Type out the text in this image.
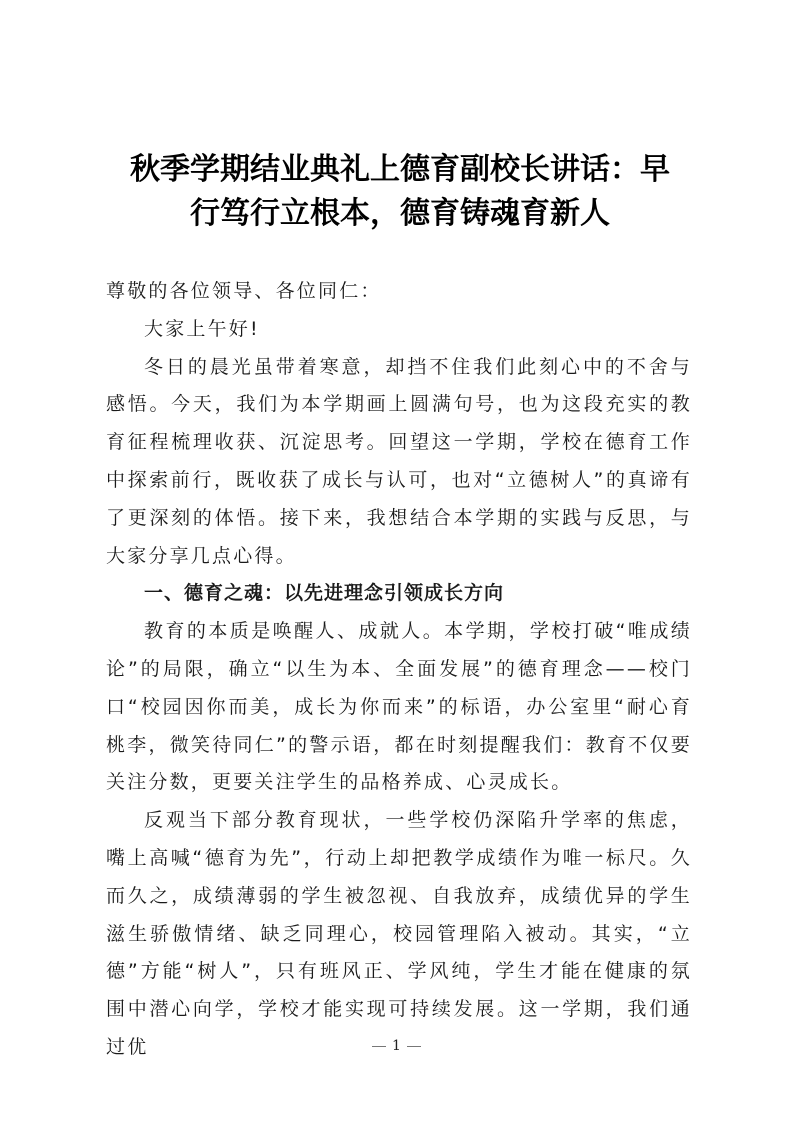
秋季学期结业典礼上德育副校长讲话：早
行笃行立根本，德育铸魂育新人

尊敬的各位领导、各位同仁：

大家上午好!

冬日的晨光虽带着寒意，却挡不住我们此刻心中的不舍与感悟。今天，我们为本学期画上圆满句号，也为这段充实的教育征程梳理收获、沉淀思考。回望这一学期，学校在德育工作中探索前行，既收获了成长与认可，也对“立德树人”的真谛有了更深刻的体悟。接下来，我想结合本学期的实践与反思，与大家分享几点心得。

一、德育之魂：以先进理念引领成长方向

教育的本质是唤醒人、成就人。本学期，学校打破“唯成绩论”的局限，确立“以生为本、全面发展”的德育理念——校门口“校园因你而美，成长为你而来”的标语，办公室里“耐心育桃李，微笑待同仁”的警示语，都在时刻提醒我们：教育不仅要关注分数，更要关注学生的品格养成、心灵成长。

反观当下部分教育现状，一些学校仍深陷升学率的焦虑，嘴上高喊“德育为先”，行动上却把教学成绩作为唯一标尺。久而久之，成绩薄弱的学生被忽视、自我放弃，成绩优异的学生滋生骄傲情绪、缺乏同理心，校园管理陷入被动。其实，“立德”方能“树人”，只有班风正、学风纯，学生才能在健康的氛围中潜心向学，学校才能实现可持续发展。这一学期，我们通过优	1
